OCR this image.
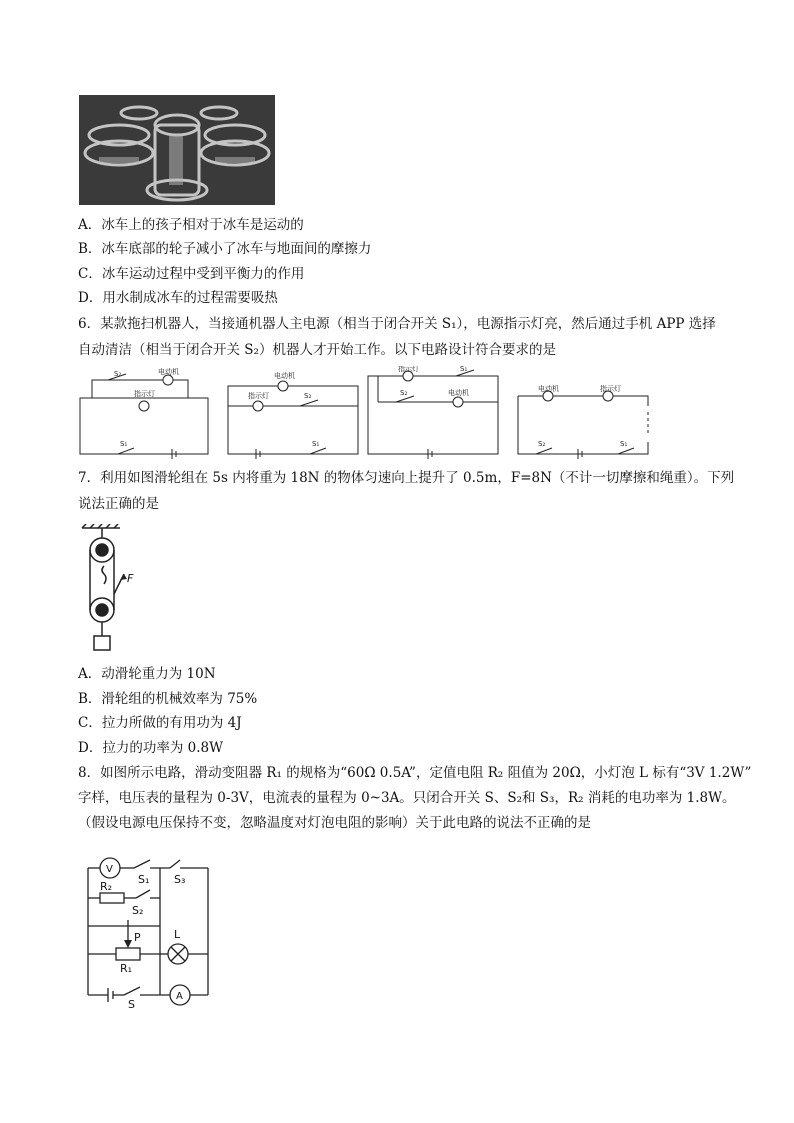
A．冰车上的孩子相对于冰车是运动的
B．冰车底部的轮子减小了冰车与地面间的摩擦力
C．冰车运动过程中受到平衡力的作用
D．用水制成冰车的过程需要吸热
6．某款拖扫机器人，当接通机器人主电源（相当于闭合开关 S₁），电源指示灯亮，然后通过手机 APP 选择
自动清洁（相当于闭合开关 S₂）机器人才开始工作。以下电路设计符合要求的是
S₂	电动机
指示灯
S₁
电动机
指示灯	S₂
S₁
指示灯	S₁
S₂	电动机	电动机	指示灯
S₂	S₁
7．利用如图滑轮组在 5s 内将重为 18N 的物体匀速向上提升了 0.5m，F=8N（不计一切摩擦和绳重）。下列
说法正确的是
F
A．动滑轮重力为 10N
B．滑轮组的机械效率为 75%
C．拉力所做的有用功为 4J
D．拉力的功率为 0.8W
8．如图所示电路，滑动变阻器 R₁ 的规格为“60Ω 0.5A”，定值电阻 R₂ 阻值为 20Ω，小灯泡 L 标有“3V 1.2W”
字样，电压表的量程为 0-3V，电流表的量程为 0~3A。只闭合开关 S、S₂和 S₃，R₂ 消耗的电功率为 1.8W。
（假设电源电压保持不变，忽略温度对灯泡电阻的影响）关于此电路的说法不正确的是
V
S₁ S₃
R₂
S₂
P	L
R₁
A
S
